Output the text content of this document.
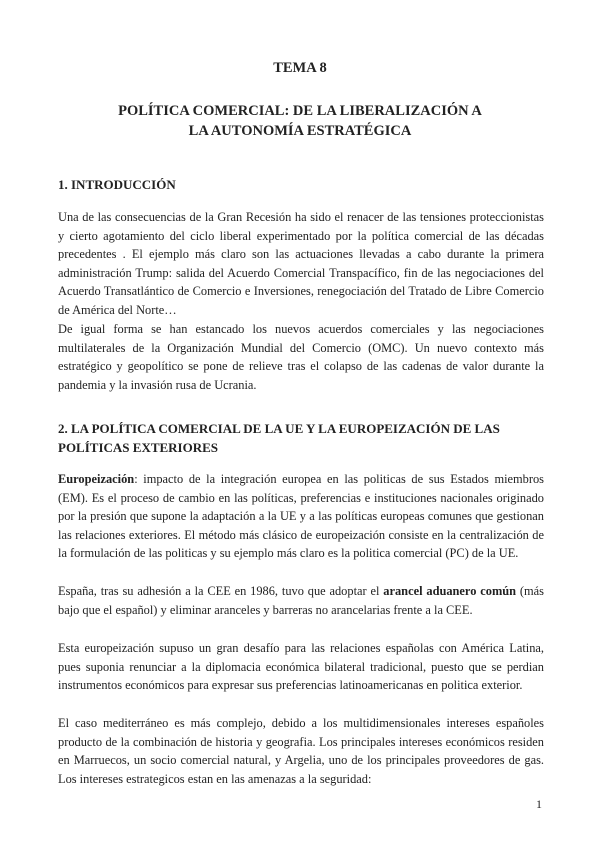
TEMA 8
POLÍTICA COMERCIAL: DE LA LIBERALIZACIÓN A
LA AUTONOMÍA ESTRATÉGICA
1. INTRODUCCIÓN
Una de las consecuencias de la Gran Recesión ha sido el renacer de las tensiones proteccionistas y cierto agotamiento del ciclo liberal experimentado por la política comercial de las décadas precedentes . El ejemplo más claro son las actuaciones llevadas a cabo durante la primera administración Trump: salida del Acuerdo Comercial Transpacífico, fin de las negociaciones del Acuerdo Transatlántico de Comercio e Inversiones, renegociación del Tratado de Libre Comercio de América del Norte…
De igual forma se han estancado los nuevos acuerdos comerciales y las negociaciones multilaterales de la Organización Mundial del Comercio (OMC). Un nuevo contexto más estratégico y geopolítico se pone de relieve tras el colapso de las cadenas de valor durante la pandemia y la invasión rusa de Ucrania.
2. LA POLÍTICA COMERCIAL DE LA UE Y LA EUROPEIZACIÓN DE LAS POLÍTICAS EXTERIORES
Europeización: impacto de la integración europea en las politicas de sus Estados miembros (EM). Es el proceso de cambio en las políticas, preferencias e instituciones nacionales originado por la presión que supone la adaptación a la UE y a las políticas europeas comunes que gestionan las relaciones exteriores. El método más clásico de europeización consiste en la centralización de la formulación de las politicas y su ejemplo más claro es la politica comercial (PC) de la UE.
España, tras su adhesión a la CEE en 1986, tuvo que adoptar el arancel aduanero común (más bajo que el español) y eliminar aranceles y barreras no arancelarias frente a la CEE.
Esta europeización supuso un gran desafío para las relaciones españolas con América Latina, pues suponia renunciar a la diplomacia económica bilateral tradicional, puesto que se perdian instrumentos económicos para expresar sus preferencias latinoamericanas en politica exterior.
El caso mediterráneo es más complejo, debido a los multidimensionales intereses españoles producto de la combinación de historia y geografia. Los principales intereses económicos residen en Marruecos, un socio comercial natural, y Argelia, uno de los principales proveedores de gas. Los intereses estrategicos estan en las amenazas a la seguridad:
1
